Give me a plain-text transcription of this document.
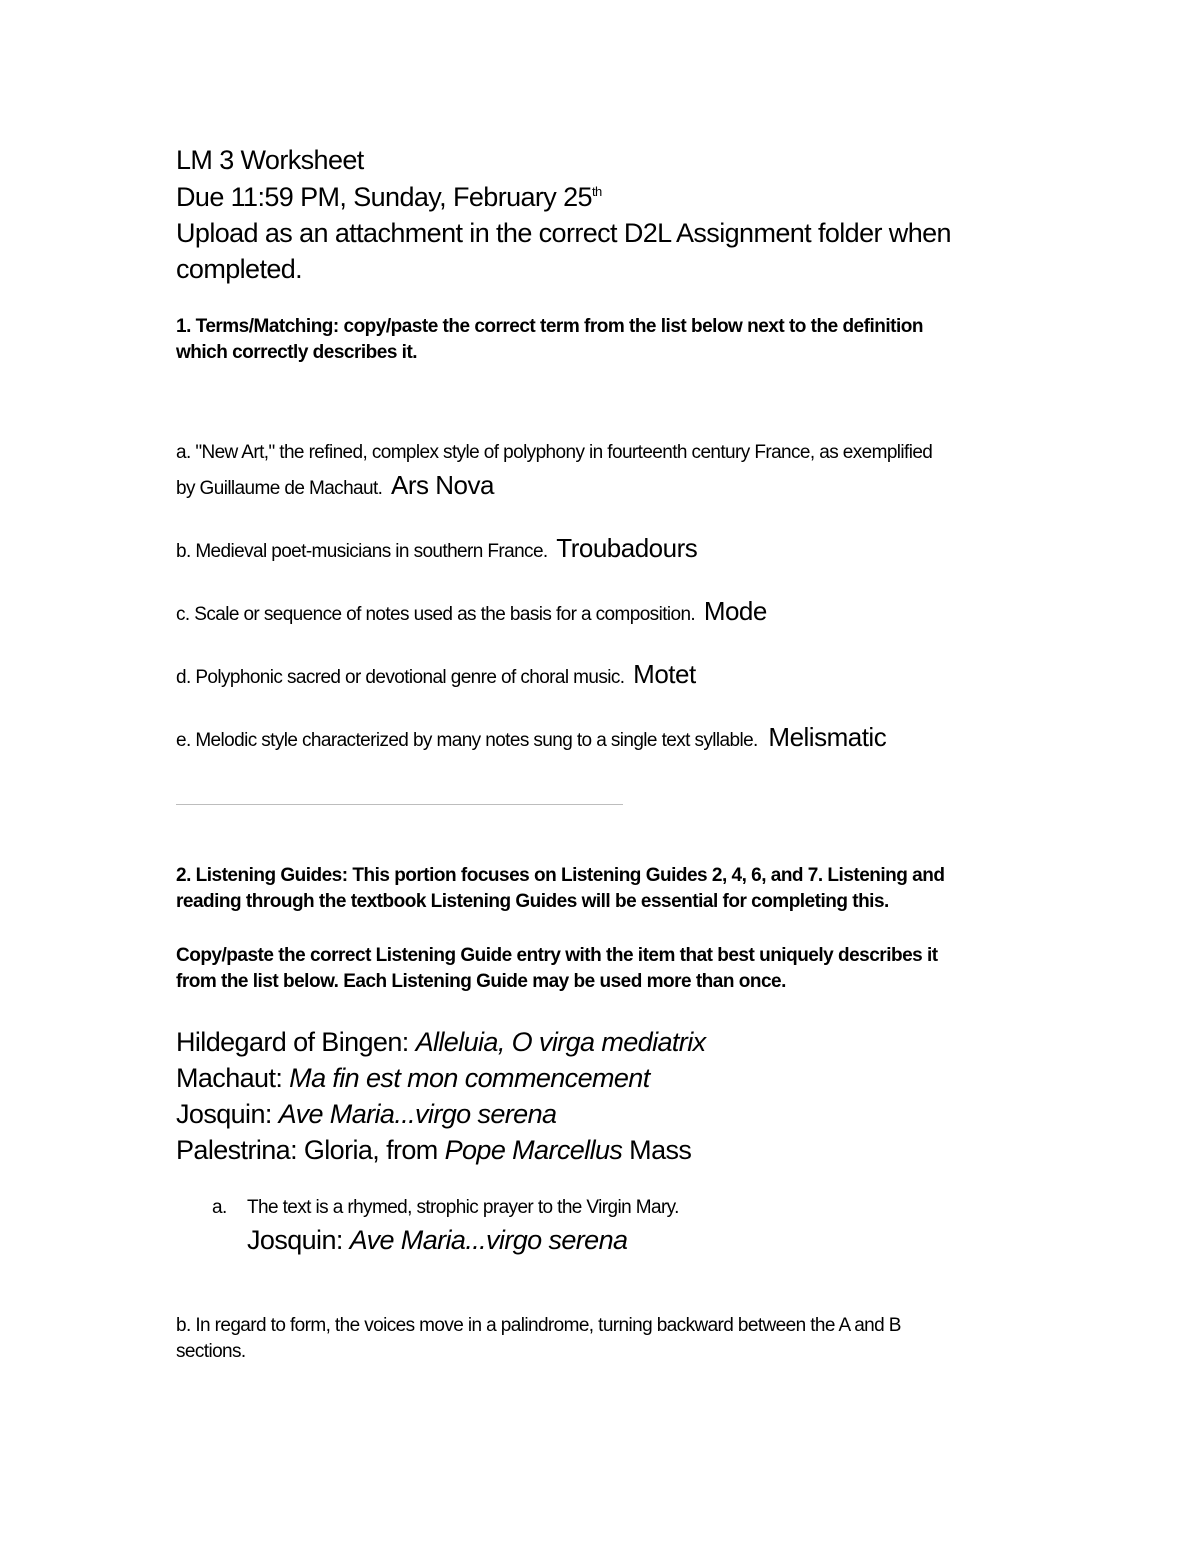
LM 3 Worksheet
Due 11:59 PM, Sunday, February 25th
Upload as an attachment in the correct D2L Assignment folder when
completed.
1. Terms/Matching: copy/paste the correct term from the list below next to the definition
which correctly describes it.
a. "New Art," the refined, complex style of polyphony in fourteenth century France, as exemplified
by Guillaume de Machaut. Ars Nova
b. Medieval poet-musicians in southern France. Troubadours
c. Scale or sequence of notes used as the basis for a composition. Mode
d. Polyphonic sacred or devotional genre of choral music. Motet
e. Melodic style characterized by many notes sung to a single text syllable. Melismatic
2. Listening Guides: This portion focuses on Listening Guides 2, 4, 6, and 7. Listening and
reading through the textbook Listening Guides will be essential for completing this.
Copy/paste the correct Listening Guide entry with the item that best uniquely describes it
from the list below. Each Listening Guide may be used more than once.
Hildegard of Bingen: Alleluia, O virga mediatrix
Machaut: Ma fin est mon commencement
Josquin: Ave Maria...virgo serena
Palestrina: Gloria, from Pope Marcellus Mass
a. The text is a rhymed, strophic prayer to the Virgin Mary.
Josquin: Ave Maria...virgo serena
b. In regard to form, the voices move in a palindrome, turning backward between the A and B
sections.
